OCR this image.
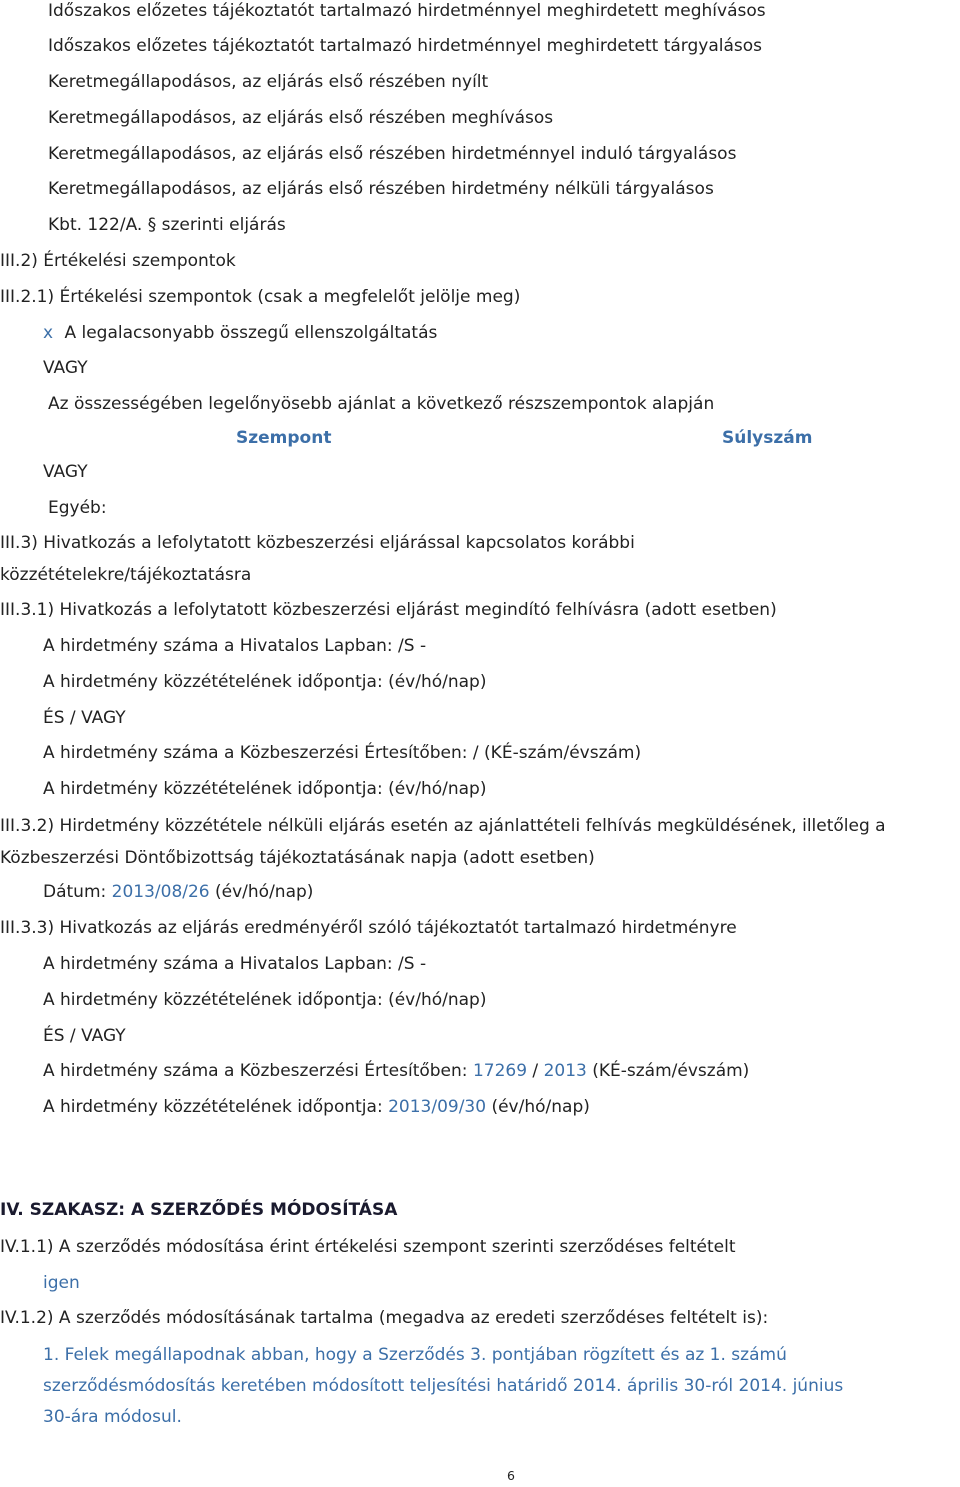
Időszakos előzetes tájékoztatót tartalmazó hirdetménnyel meghirdetett meghívásos
Időszakos előzetes tájékoztatót tartalmazó hirdetménnyel meghirdetett tárgyalásos
Keretmegállapodásos, az eljárás első részében nyílt
Keretmegállapodásos, az eljárás első részében meghívásos
Keretmegállapodásos, az eljárás első részében hirdetménnyel induló tárgyalásos
Keretmegállapodásos, az eljárás első részében hirdetmény nélküli tárgyalásos
Kbt. 122/A. § szerinti eljárás
III.2) Értékelési szempontok
III.2.1) Értékelési szempontok (csak a megfelelőt jelölje meg)
x A legalacsonyabb összegű ellenszolgáltatás
VAGY
Az összességében legelőnyösebb ajánlat a következő részszempontok alapján
Szempont	Súlyszám
VAGY
Egyéb:
III.3) Hivatkozás a lefolytatott közbeszerzési eljárással kapcsolatos korábbi
közzétételekre/tájékoztatásra
III.3.1) Hivatkozás a lefolytatott közbeszerzési eljárást megindító felhívásra (adott esetben)
A hirdetmény száma a Hivatalos Lapban: /S -
A hirdetmény közzétételének időpontja: (év/hó/nap)
ÉS / VAGY
A hirdetmény száma a Közbeszerzési Értesítőben: / (KÉ-szám/évszám)
A hirdetmény közzétételének időpontja: (év/hó/nap)
III.3.2) Hirdetmény közzététele nélküli eljárás esetén az ajánlattételi felhívás megküldésének, illetőleg a
Közbeszerzési Döntőbizottság tájékoztatásának napja (adott esetben)
Dátum: 2013/08/26 (év/hó/nap)
III.3.3) Hivatkozás az eljárás eredményéről szóló tájékoztatót tartalmazó hirdetményre
A hirdetmény száma a Hivatalos Lapban: /S -
A hirdetmény közzétételének időpontja: (év/hó/nap)
ÉS / VAGY
A hirdetmény száma a Közbeszerzési Értesítőben: 17269 / 2013 (KÉ-szám/évszám)
A hirdetmény közzétételének időpontja: 2013/09/30 (év/hó/nap)
IV. SZAKASZ: A SZERZŐDÉS MÓDOSÍTÁSA
IV.1.1) A szerződés módosítása érint értékelési szempont szerinti szerződéses feltételt
igen
IV.1.2) A szerződés módosításának tartalma (megadva az eredeti szerződéses feltételt is):
1. Felek megállapodnak abban, hogy a Szerződés 3. pontjában rögzített és az 1. számú
szerződésmódosítás keretében módosított teljesítési határidő 2014. április 30-ról 2014. június
30-ára módosul.
6
